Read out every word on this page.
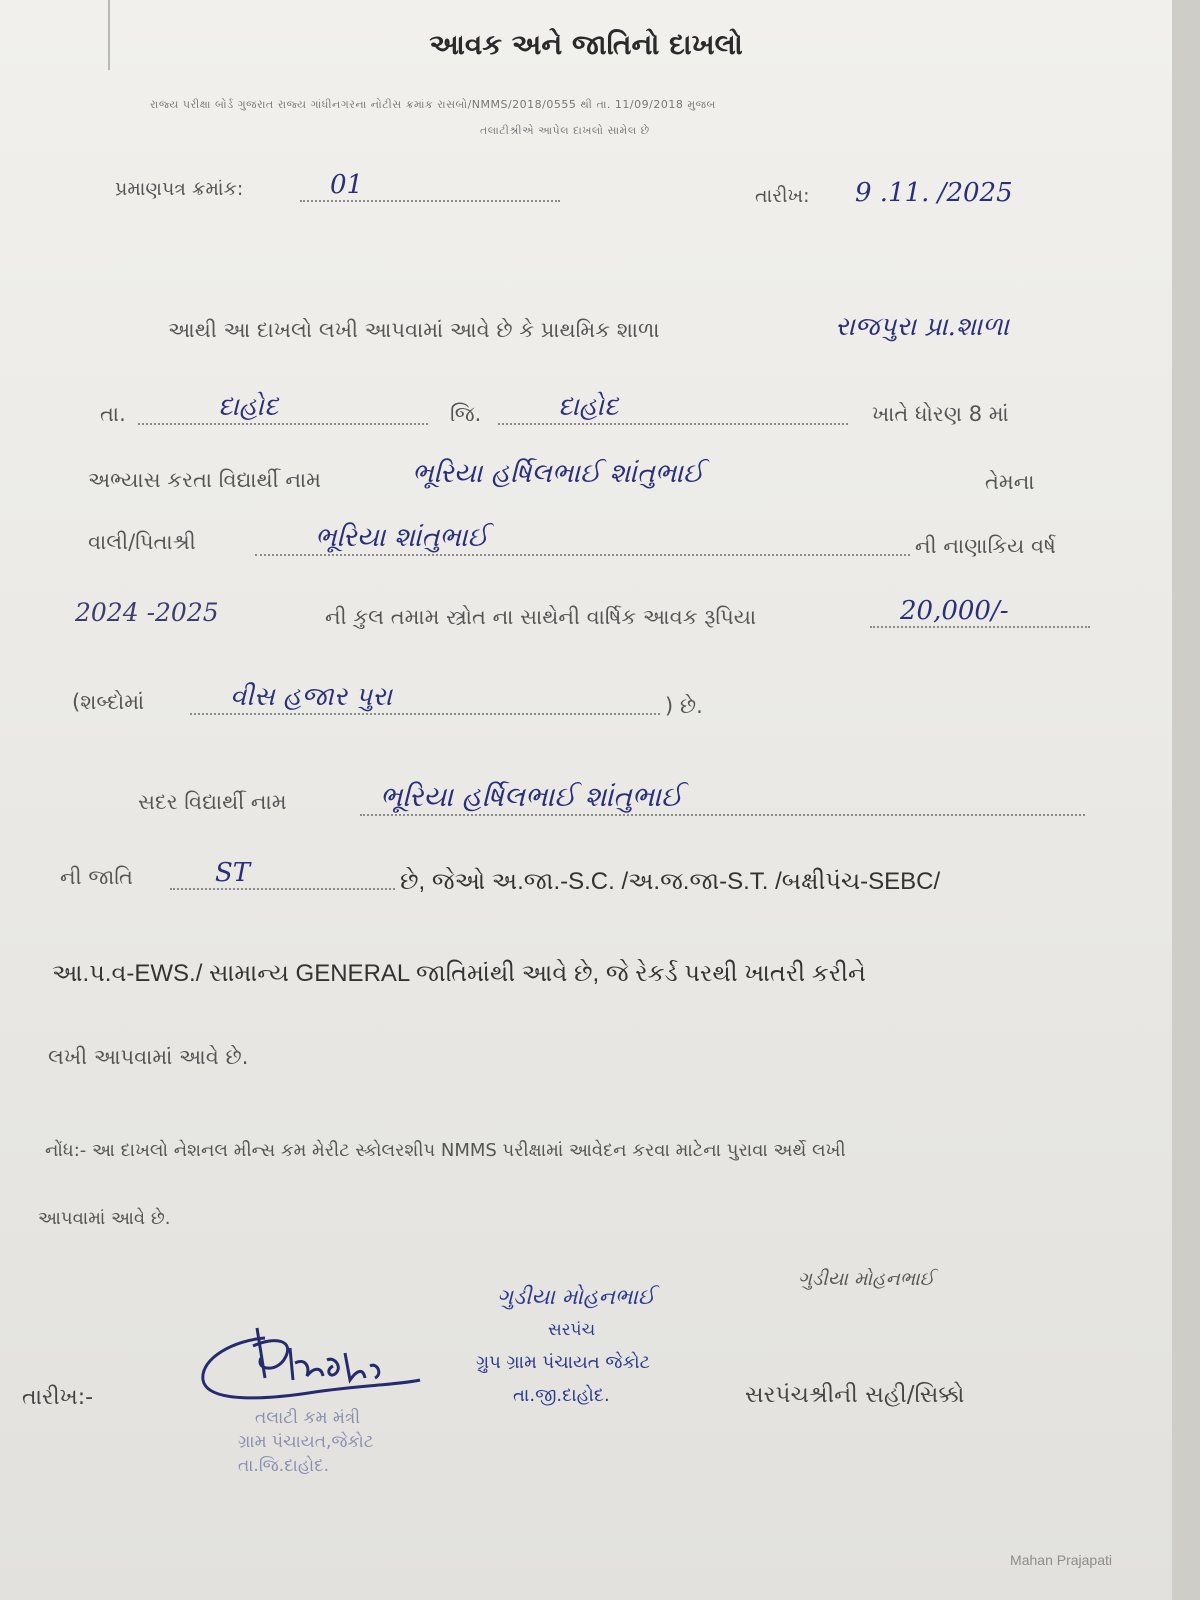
આવક અને જાતિનો દાખલો
રાજ્ય પરીક્ષા બોર્ડ ગુજરાત રાજ્ય ગાંધીનગરના નોટીસ ક્રમાંક રાસબો/NMMS/2018/0555 થી તા. 11/09/2018 મુજબ
તલાટીશ્રીએ આપેલ દાખલો સામેલ છે
પ્રમાણપત્ર ક્રમાંક:	01	તારીખ: 9 .11. /2025
આથી આ દાખલો લખી આપવામાં આવે છે કે પ્રાથમિક શાળા	રાજપુરા પ્રા.શાળા
તા.	દાહોદ	જિ.	દાહોદ	ખાતે ધોરણ 8 માં
અભ્યાસ કરતા વિદ્યાર્થી નામ	ભૂરિયા હર્ષિલભાઈ શાંતુભાઈ	તેમના
વાલી/પિતાશ્રી	ભૂરિયા શાંતુભાઈ	ની નાણાકિય વર્ષ
2024 -2025	ની કુલ તમામ સ્ત્રોત ના સાથેની વાર્ષિક આવક રૂપિયા	20,000/-
(શબ્દોમાં	વીસ હજાર પુરા	) છે.
સદર વિદ્યાર્થી નામ	ભૂરિયા હર્ષિલભાઈ શાંતુભાઈ
ની જાતિ	ST	છે, જેઓ અ.જા.-S.C. /અ.જ.જા-S.T. /બક્ષીપંચ-SEBC/
આ.પ.વ-EWS./ સામાન્ય GENERAL જાતિમાંથી આવે છે, જે રેકર્ડ પરથી ખાતરી કરીને
લખી આપવામાં આવે છે.
નોંધ:- આ દાખલો નેશનલ મીન્સ કમ મેરીટ સ્કોલરશીપ NMMS પરીક્ષામાં આવેદન કરવા માટેના પુરાવા અર્થે લખી
આપવામાં આવે છે.
તારીખ:-
તલાટી કમ મંત્રી
ગ્રામ પંચાયત,જેકોટ
તા.જિ.દાહોદ.
ગુડીયા મોહનભાઈ
સરપંચ
ગ્રુપ ગ્રામ પંચાયત જેકોટ
તા.જી.દાહોદ.
ગુડીયા મોહનભાઈ
સરપંચશ્રીની સહી/સિક્કો
Mahan Prajapati
